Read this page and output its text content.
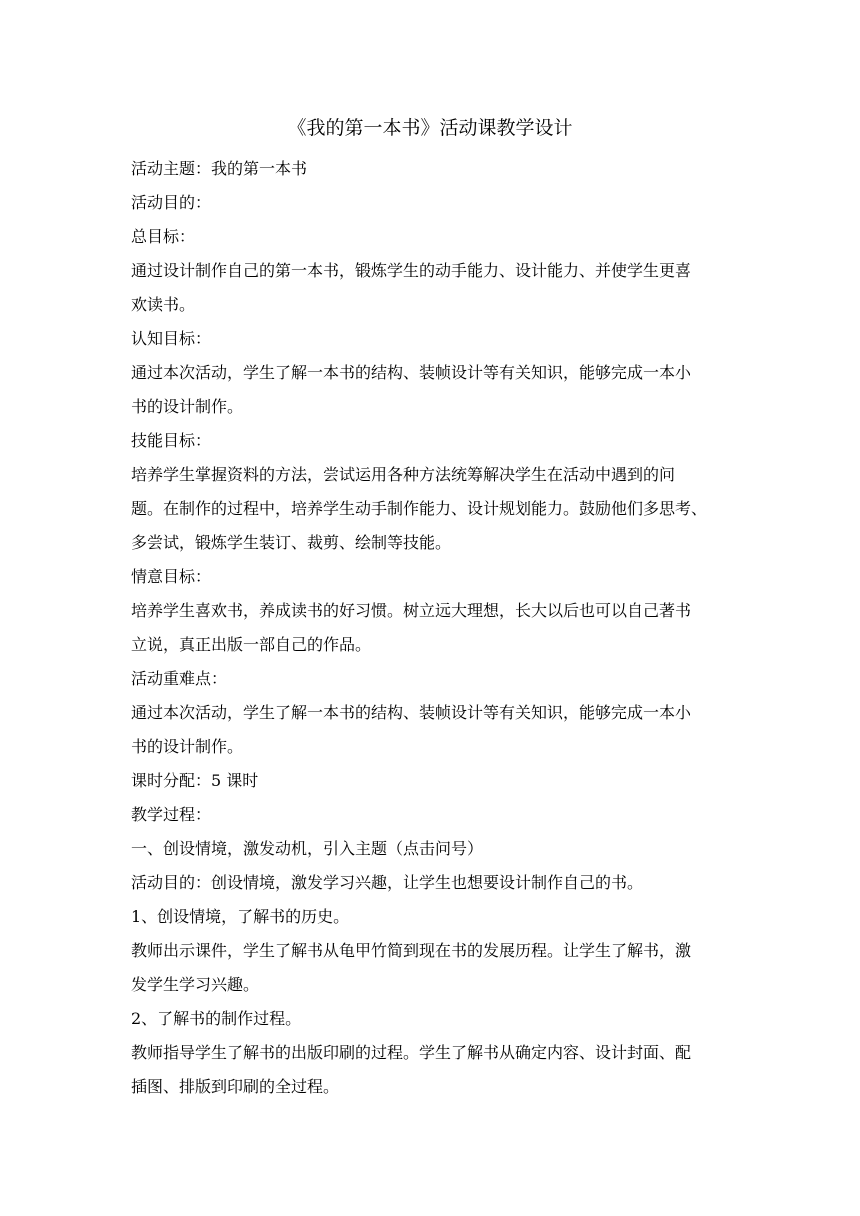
《我的第一本书》活动课教学设计

活动主题：我的第一本书

活动目的：

总目标：

通过设计制作自己的第一本书，锻炼学生的动手能力、设计能力、并使学生更喜
欢读书。

认知目标：

通过本次活动，学生了解一本书的结构、装帧设计等有关知识，能够完成一本小
书的设计制作。

技能目标：

培养学生掌握资料的方法，尝试运用各种方法统筹解决学生在活动中遇到的问
题。在制作的过程中，培养学生动手制作能力、设计规划能力。鼓励他们多思考、
多尝试，锻炼学生装订、裁剪、绘制等技能。

情意目标：

培养学生喜欢书，养成读书的好习惯。树立远大理想，长大以后也可以自己著书
立说，真正出版一部自己的作品。

活动重难点：

通过本次活动，学生了解一本书的结构、装帧设计等有关知识，能够完成一本小
书的设计制作。

课时分配：5 课时

教学过程：

一、创设情境，激发动机，引入主题（点击问号）

活动目的：创设情境，激发学习兴趣，让学生也想要设计制作自己的书。

1、创设情境，了解书的历史。

教师出示课件，学生了解书从龟甲竹简到现在书的发展历程。让学生了解书，激
发学生学习兴趣。

2、了解书的制作过程。

教师指导学生了解书的出版印刷的过程。学生了解书从确定内容、设计封面、配
插图、排版到印刷的全过程。
